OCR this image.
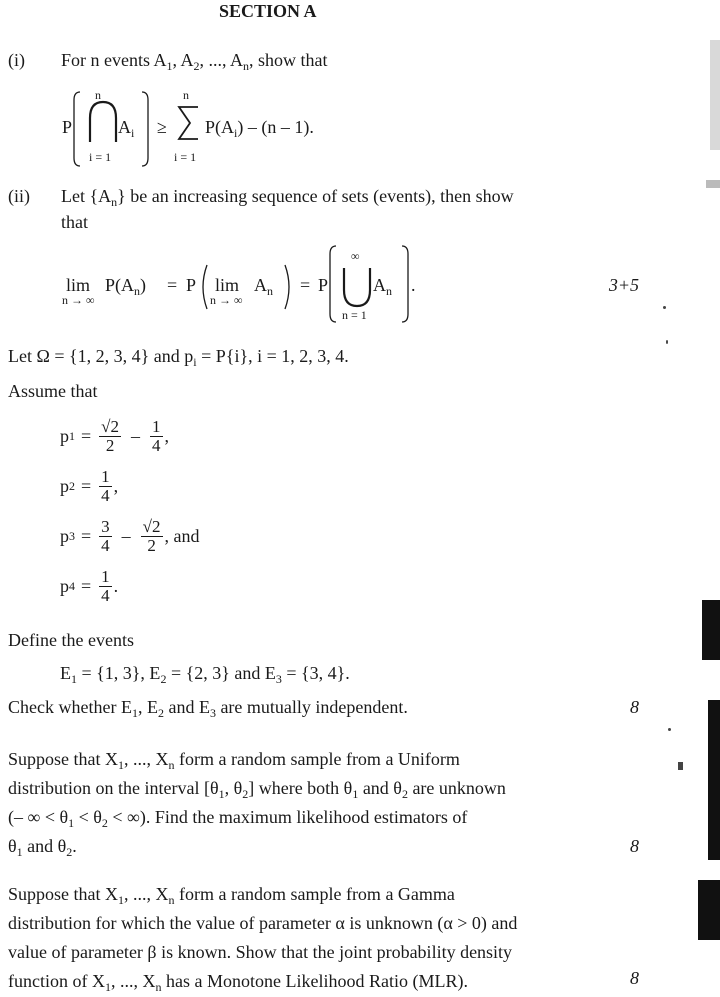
SECTION A
(i) For n events $A_1$, $A_2$, ..., $A_n$, show that
P
n
$A_i$
i = 1
≥
n
i = 1
$P(A_i) - (n - 1)$.
(ii) Let $\{A_n\}$ be an increasing sequence of sets (events), then show
that
lim
n → ∞
$P(A_n) = P$ lim
n → ∞
$A_n = P$
∞
$A_n$
n = 1
.	3+5
Let Ω = {1, 2, 3, 4} and $p_i = P\{i\}$, i = 1, 2, 3, 4.
Assume that
p $1 = \frac{√2}{2} - \frac{1}{4}$ ,
p $2 = \frac{1}{4}$ ,
p $3 = \frac{3}{4} - \frac{√2}{2}$ , and
p $4 = \frac{1}{4}$ .
Define the events
$E_1 = \{1$, 3}, $E_2 = \{2$, 3} and $E_3 = \{3$, 4}.
Check whether $E_1$, $E_2$ and $E_3$ are mutually independent.	8
Suppose that $X_1$, ..., $X_n$ form a random sample from a Uniform
distribution on the interval [$\theta_1$, $\theta_2$] where both $\theta_1$ and $\theta_2$ are unknown
(– ∞ < $\theta_1 < \theta_2$ < ∞). Find the maximum likelihood estimators of
$\theta_1$ and $\theta_2$.	8
Suppose that $X_1$, ..., $X_n$ form a random sample from a Gamma
distribution for which the value of parameter α is unknown (α > 0) and
value of parameter β is known. Show that the joint probability density
function of $X_1$, ..., $X_n$ has a Monotone Likelihood Ratio (MLR).	8
